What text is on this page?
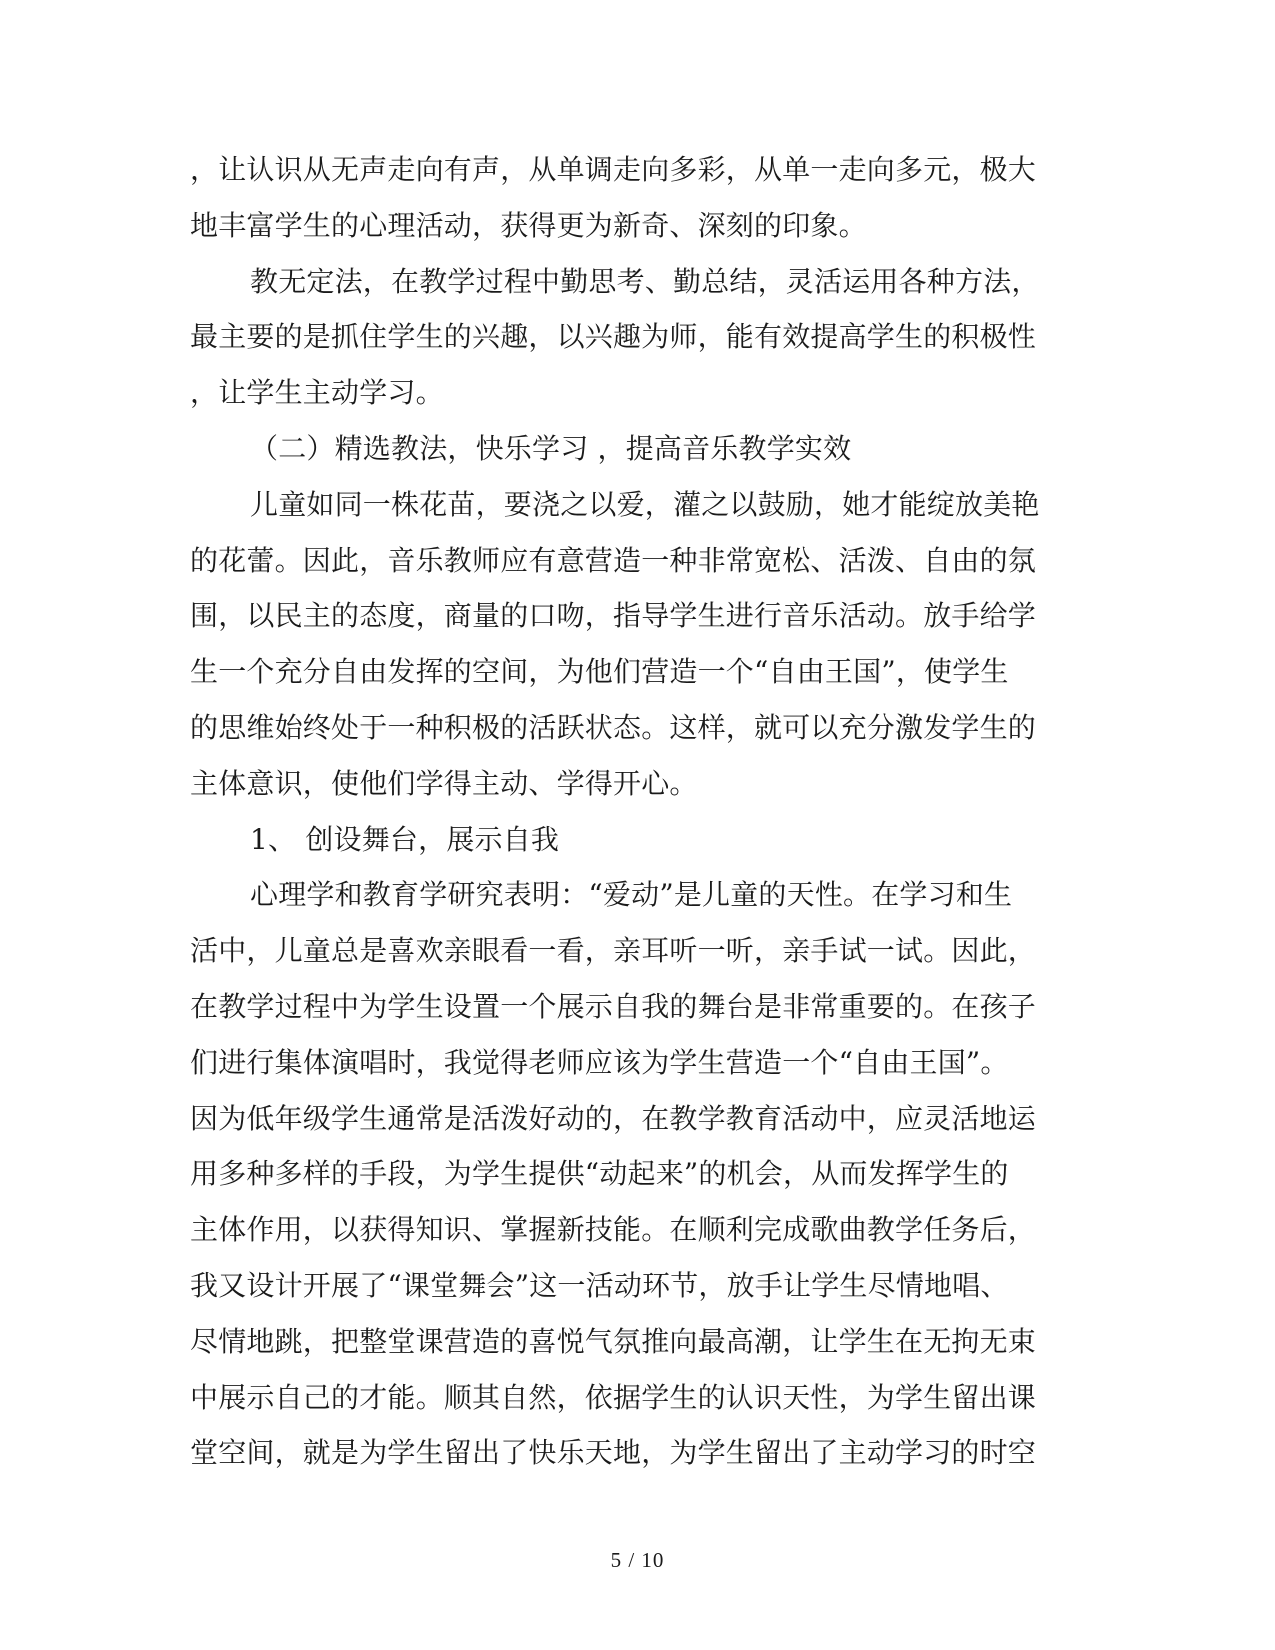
，让认识从无声走向有声，从单调走向多彩，从单一走向多元，极大
地丰富学生的心理活动，获得更为新奇、深刻的印象。
教无定法，在教学过程中勤思考、勤总结，灵活运用各种方法，
最主要的是抓住学生的兴趣，以兴趣为师，能有效提高学生的积极性
，让学生主动学习。
（二）精选教法，快乐学习 ，提高音乐教学实效
儿童如同一株花苗，要浇之以爱，灌之以鼓励，她才能绽放美艳
的花蕾。因此，音乐教师应有意营造一种非常宽松、活泼、自由的氛
围，以民主的态度，商量的口吻，指导学生进行音乐活动。放手给学
生一个充分自由发挥的空间，为他们营造一个“自由王国”，使学生
的思维始终处于一种积极的活跃状态。这样，就可以充分激发学生的
主体意识，使他们学得主动、学得开心。
1、 创设舞台，展示自我
心理学和教育学研究表明：“爱动”是儿童的天性。在学习和生
活中，儿童总是喜欢亲眼看一看，亲耳听一听，亲手试一试。因此，
在教学过程中为学生设置一个展示自我的舞台是非常重要的。在孩子
们进行集体演唱时，我觉得老师应该为学生营造一个“自由王国”。
因为低年级学生通常是活泼好动的，在教学教育活动中，应灵活地运
用多种多样的手段，为学生提供“动起来”的机会，从而发挥学生的
主体作用，以获得知识、掌握新技能。在顺利完成歌曲教学任务后，
我又设计开展了“课堂舞会”这一活动环节，放手让学生尽情地唱、
尽情地跳，把整堂课营造的喜悦气氛推向最高潮，让学生在无拘无束
中展示自己的才能。顺其自然，依据学生的认识天性，为学生留出课
堂空间，就是为学生留出了快乐天地，为学生留出了主动学习的时空
5 / 10
